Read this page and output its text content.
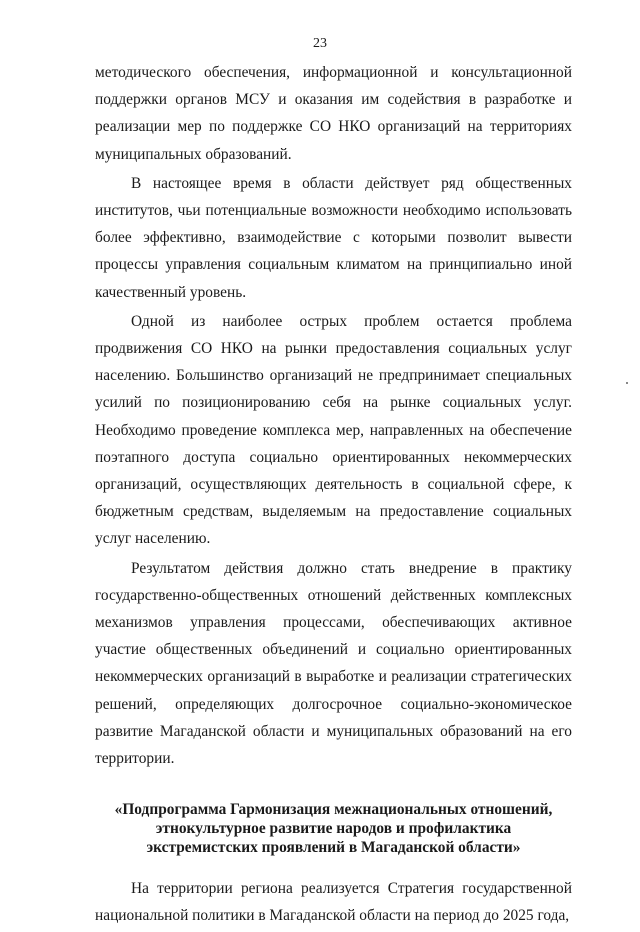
23

методического обеспечения, информационной и консультационной поддержки органов МСУ и оказания им содействия в разработке и реализации мер по поддержке СО НКО организаций на территориях муниципальных образований.

В настоящее время в области действует ряд общественных институтов, чьи потенциальные возможности необходимо использовать более эффективно, взаимодействие с которыми позволит вывести процессы управления социальным климатом на принципиально иной качественный уровень.

Одной из наиболее острых проблем остается проблема продвижения СО НКО на рынки предоставления социальных услуг населению. Большинство организаций не предпринимает специальных усилий по позиционированию себя на рынке социальных услуг. Необходимо проведение комплекса мер, направленных на обеспечение поэтапного доступа социально ориентированных некоммерческих организаций, осуществляющих деятельность в социальной сфере, к бюджетным средствам, выделяемым на предоставление социальных услуг населению.

Результатом действия должно стать внедрение в практику государственно-общественных отношений действенных комплексных механизмов управления процессами, обеспечивающих активное участие общественных объединений и социально ориентированных некоммерческих организаций в выработке и реализации стратегических решений, определяющих долгосрочное социально-экономическое развитие Магаданской области и муниципальных образований на его территории.

«Подпрограмма Гармонизация межнациональных отношений,
этнокультурное развитие народов и профилактика
экстремистских проявлений в Магаданской области»

На территории региона реализуется Стратегия государственной национальной политики в Магаданской области на период до 2025 года,
